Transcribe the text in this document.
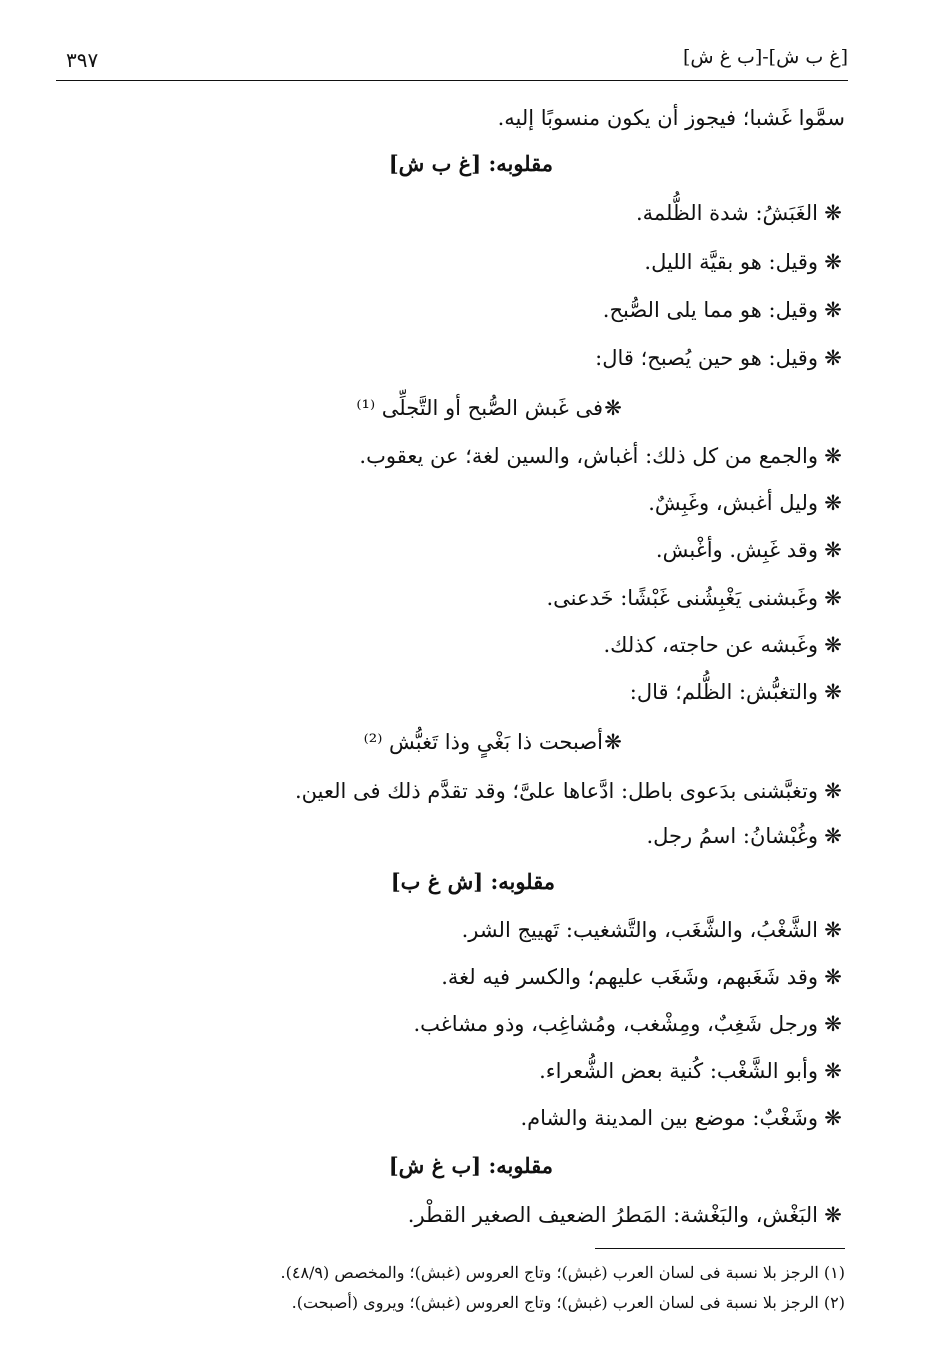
[غ ب ش]-[ب غ ش]
٣٩٧
سمَّوا غَشبا؛ فيجوز أن يكون منسوبًا إليه.
مقلوبه: [غ ب ش]
❋
الغَبَشُ: شدة الظُّلمة.
❋
وقيل: هو بقيَّة الليل.
❋
وقيل: هو مما يلى الصُّبح.
❋
وقيل: هو حين يُصبح؛ قال:
❋
فى غَبش الصُّبح أو التَّجلِّى ⁽¹⁾
❋
والجمع من كل ذلك: أغباش، والسين لغة؛ عن يعقوب.
❋
وليل أغبش، وغَبِشٌ.
❋
وقد غَبِش. وأغْبش.
❋
وغَبشنى يَغْبِشُنى غَبْشًا: خَدعنى.
❋
وغَبشه عن حاجته، كذلك.
❋
والتغبُّش: الظُّلم؛ قال:
❋
أصبحت ذا بَغْىٍ وذا تَغبُّش ⁽²⁾
❋
وتغبَّشنى بدَعوى باطل: ادَّعاها علىَّ؛ وقد تقدَّم ذلك فى العين.
❋
وغُبْشانُ: اسمُ رجل.
مقلوبه: [ش غ ب]
❋
الشَّغْبُ، والشَّغَب، والتَّشغيب: تَهييج الشر.
❋
وقد شَغَبهم، وشَغَب عليهم؛ والكسر فيه لغة.
❋
ورجل شَغِبٌ، ومِشْغب، ومُشاغِب، وذو مشاغب.
❋
وأبو الشَّغْب: كُنية بعض الشُّعراء.
❋
وشَغْبٌ: موضع بين المدينة والشام.
مقلوبه: [ب غ ش]
❋
البَغْش، والبَغْشة: المَطرُ الضعيف الصغير القطْر.
(١) الرجز بلا نسبة فى لسان العرب (غبش)؛ وتاج العروس (غبش)؛ والمخصص (٤٨/٩).
(٢) الرجز بلا نسبة فى لسان العرب (غبش)؛ وتاج العروس (غبش)؛ ويروى (أصبحت).
